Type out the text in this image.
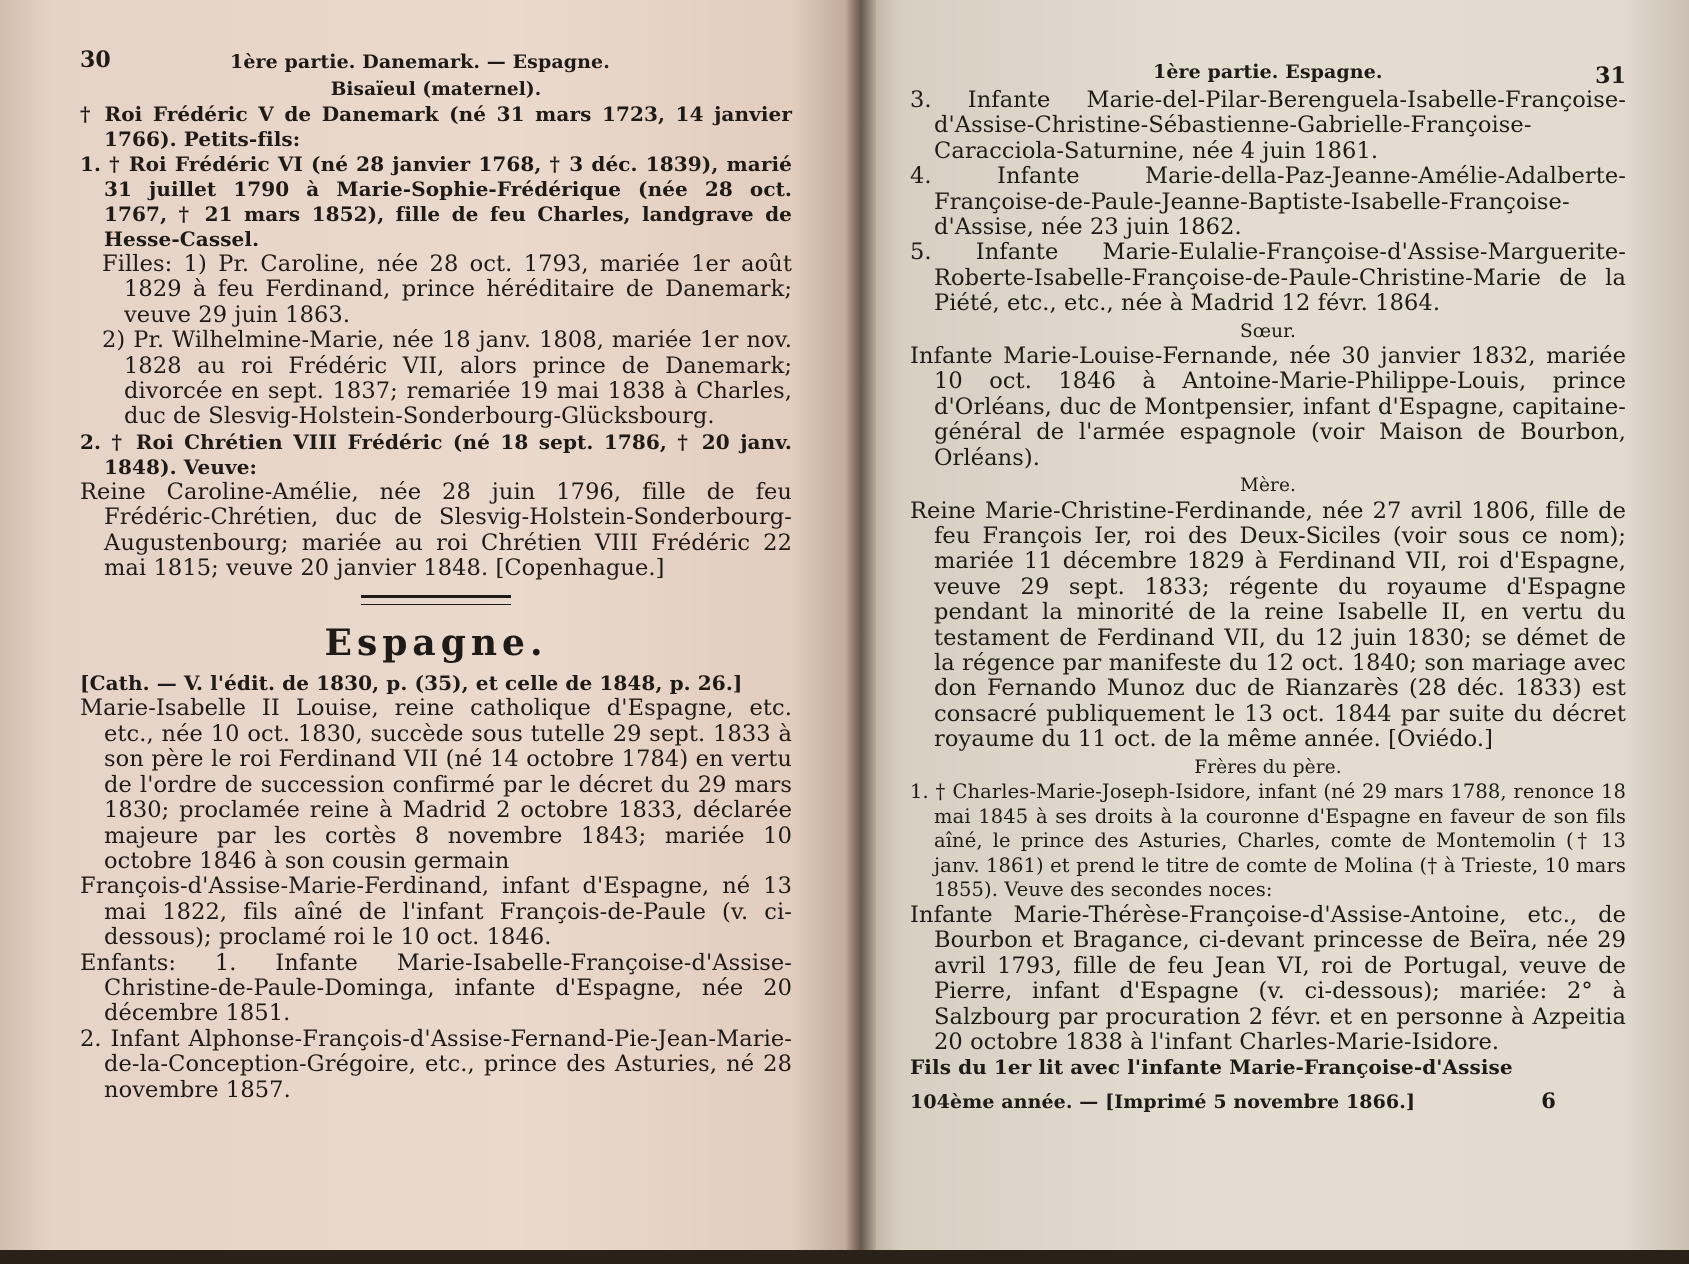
30	1ère partie. Danemark. — Espagne.
Bisaïeul (maternel).

† Roi Frédéric V de Danemark (né 31 mars 1723, 14 janvier 1766). Petits-fils:

1. † Roi Frédéric VI (né 28 janvier 1768, † 3 déc. 1839), marié 31 juillet 1790 à Marie-Sophie-Frédérique (née 28 oct. 1767, † 21 mars 1852), fille de feu Charles, landgrave de Hesse-Cassel.

Filles: 1) Pr. Caroline, née 28 oct. 1793, mariée 1er août 1829 à feu Ferdinand, prince héréditaire de Danemark; veuve 29 juin 1863.

2) Pr. Wilhelmine-Marie, née 18 janv. 1808, mariée 1er nov. 1828 au roi Frédéric VII, alors prince de Danemark; divorcée en sept. 1837; remariée 19 mai 1838 à Charles, duc de Slesvig-Holstein-Sonderbourg-Glücksbourg.

2. † Roi Chrétien VIII Frédéric (né 18 sept. 1786, † 20 janv. 1848). Veuve:

Reine Caroline-Amélie, née 28 juin 1796, fille de feu Frédéric-Chrétien, duc de Slesvig-Holstein-Sonderbourg-Augustenbourg; mariée au roi Chrétien VIII Frédéric 22 mai 1815; veuve 20 janvier 1848. [Copenhague.]

Espagne.

[Cath. — V. l'édit. de 1830, p. (35), et celle de 1848, p. 26.]

Marie-Isabelle II Louise, reine catholique d'Espagne, etc. etc., née 10 oct. 1830, succède sous tutelle 29 sept. 1833 à son père le roi Ferdinand VII (né 14 octobre 1784) en vertu de l'ordre de succession confirmé par le décret du 29 mars 1830; proclamée reine à Madrid 2 octobre 1833, déclarée majeure par les cortès 8 novembre 1843; mariée 10 octobre 1846 à son cousin germain

François-d'Assise-Marie-Ferdinand, infant d'Espagne, né 13 mai 1822, fils aîné de l'infant François-de-Paule (v. ci-dessous); proclamé roi le 10 oct. 1846.

Enfants: 1. Infante Marie-Isabelle-Françoise-d'Assise-Christine-de-Paule-Dominga, infante d'Espagne, née 20 décembre 1851.

2. Infant Alphonse-François-d'Assise-Fernand-Pie-Jean-Marie-de-la-Conception-Grégoire, etc., prince des Asturies, né 28 novembre 1857.

1ère partie. Espagne.	31

3. Infante Marie-del-Pilar-Berenguela-Isabelle-Françoise-d'Assise-Christine-Sébastienne-Gabrielle-Françoise-Caracciola-Saturnine, née 4 juin 1861.

4. Infante Marie-della-Paz-Jeanne-Amélie-Adalberte-Françoise-de-Paule-Jeanne-Baptiste-Isabelle-Françoise-d'Assise, née 23 juin 1862.

5. Infante Marie-Eulalie-Françoise-d'Assise-Marguerite-Roberte-Isabelle-Françoise-de-Paule-Christine-Marie de la Piété, etc., etc., née à Madrid 12 févr. 1864.

Sœur.

Infante Marie-Louise-Fernande, née 30 janvier 1832, mariée 10 oct. 1846 à Antoine-Marie-Philippe-Louis, prince d'Orléans, duc de Montpensier, infant d'Espagne, capitaine-général de l'armée espagnole (voir Maison de Bourbon, Orléans).

Mère.

Reine Marie-Christine-Ferdinande, née 27 avril 1806, fille de feu François Ier, roi des Deux-Siciles (voir sous ce nom); mariée 11 décembre 1829 à Ferdinand VII, roi d'Espagne, veuve 29 sept. 1833; régente du royaume d'Espagne pendant la minorité de la reine Isabelle II, en vertu du testament de Ferdinand VII, du 12 juin 1830; se démet de la régence par manifeste du 12 oct. 1840; son mariage avec don Fernando Munoz duc de Rianzarès (28 déc. 1833) est consacré publiquement le 13 oct. 1844 par suite du décret royaume du 11 oct. de la même année. [Oviédo.]

Frères du père.

1. † Charles-Marie-Joseph-Isidore, infant (né 29 mars 1788, renonce 18 mai 1845 à ses droits à la couronne d'Espagne en faveur de son fils aîné, le prince des Asturies, Charles, comte de Montemolin († 13 janv. 1861) et prend le titre de comte de Molina († à Trieste, 10 mars 1855). Veuve des secondes noces:

Infante Marie-Thérèse-Françoise-d'Assise-Antoine, etc., de Bourbon et Bragance, ci-devant princesse de Beïra, née 29 avril 1793, fille de feu Jean VI, roi de Portugal, veuve de Pierre, infant d'Espagne (v. ci-dessous); mariée: 2° à Salzbourg par procuration 2 févr. et en personne à Azpeitia 20 octobre 1838 à l'infant Charles-Marie-Isidore.

Fils du 1er lit avec l'infante Marie-Françoise-d'Assise

104ème année. — [Imprimé 5 novembre 1866.]	6
